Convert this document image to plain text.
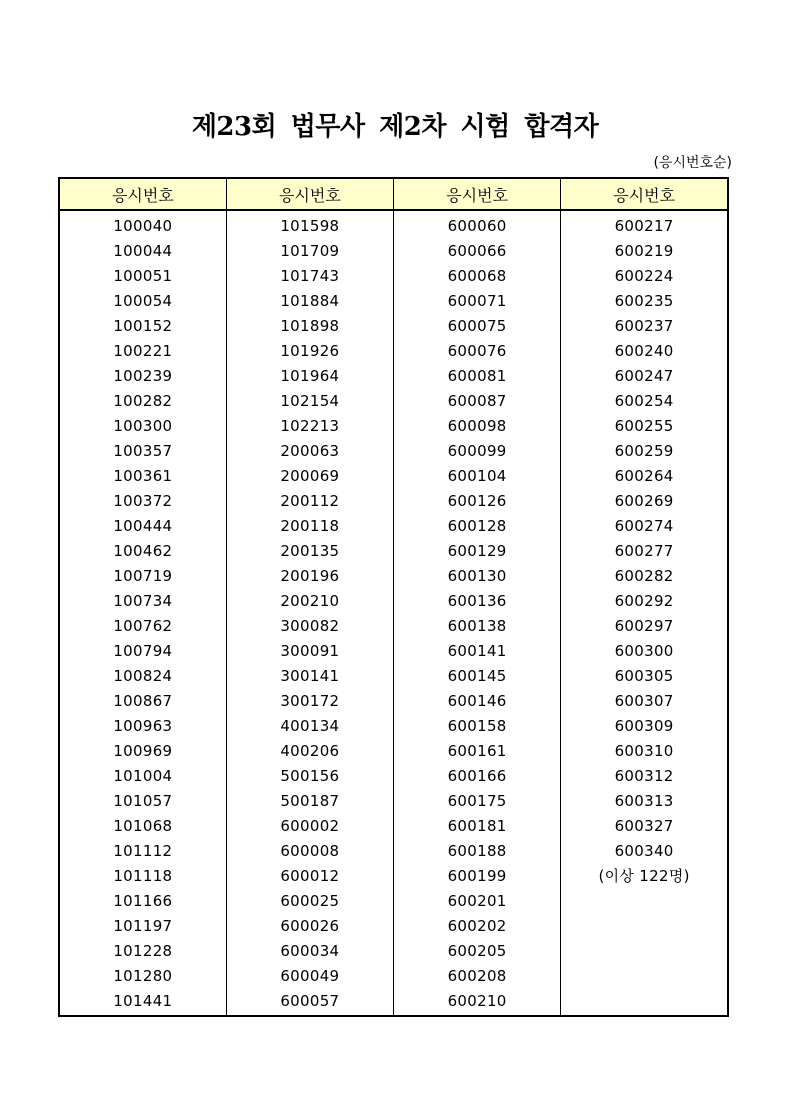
제23회 법무사 제2차 시험 합격자
(응시번호순)
응시번호	응시번호	응시번호	응시번호
100040	101598	600060	600217
100044	101709	600066	600219
100051	101743	600068	600224
100054	101884	600071	600235
100152	101898	600075	600237
100221	101926	600076	600240
100239	101964	600081	600247
100282	102154	600087	600254
100300	102213	600098	600255
100357	200063	600099	600259
100361	200069	600104	600264
100372	200112	600126	600269
100444	200118	600128	600274
100462	200135	600129	600277
100719	200196	600130	600282
100734	200210	600136	600292
100762	300082	600138	600297
100794	300091	600141	600300
100824	300141	600145	600305
100867	300172	600146	600307
100963	400134	600158	600309
100969	400206	600161	600310
101004	500156	600166	600312
101057	500187	600175	600313
101068	600002	600181	600327
101112	600008	600188	600340
101118	600012	600199	(이상 122명)
101166	600025	600201	
101197	600026	600202	
101228	600034	600205	
101280	600049	600208	
101441	600057	600210	
